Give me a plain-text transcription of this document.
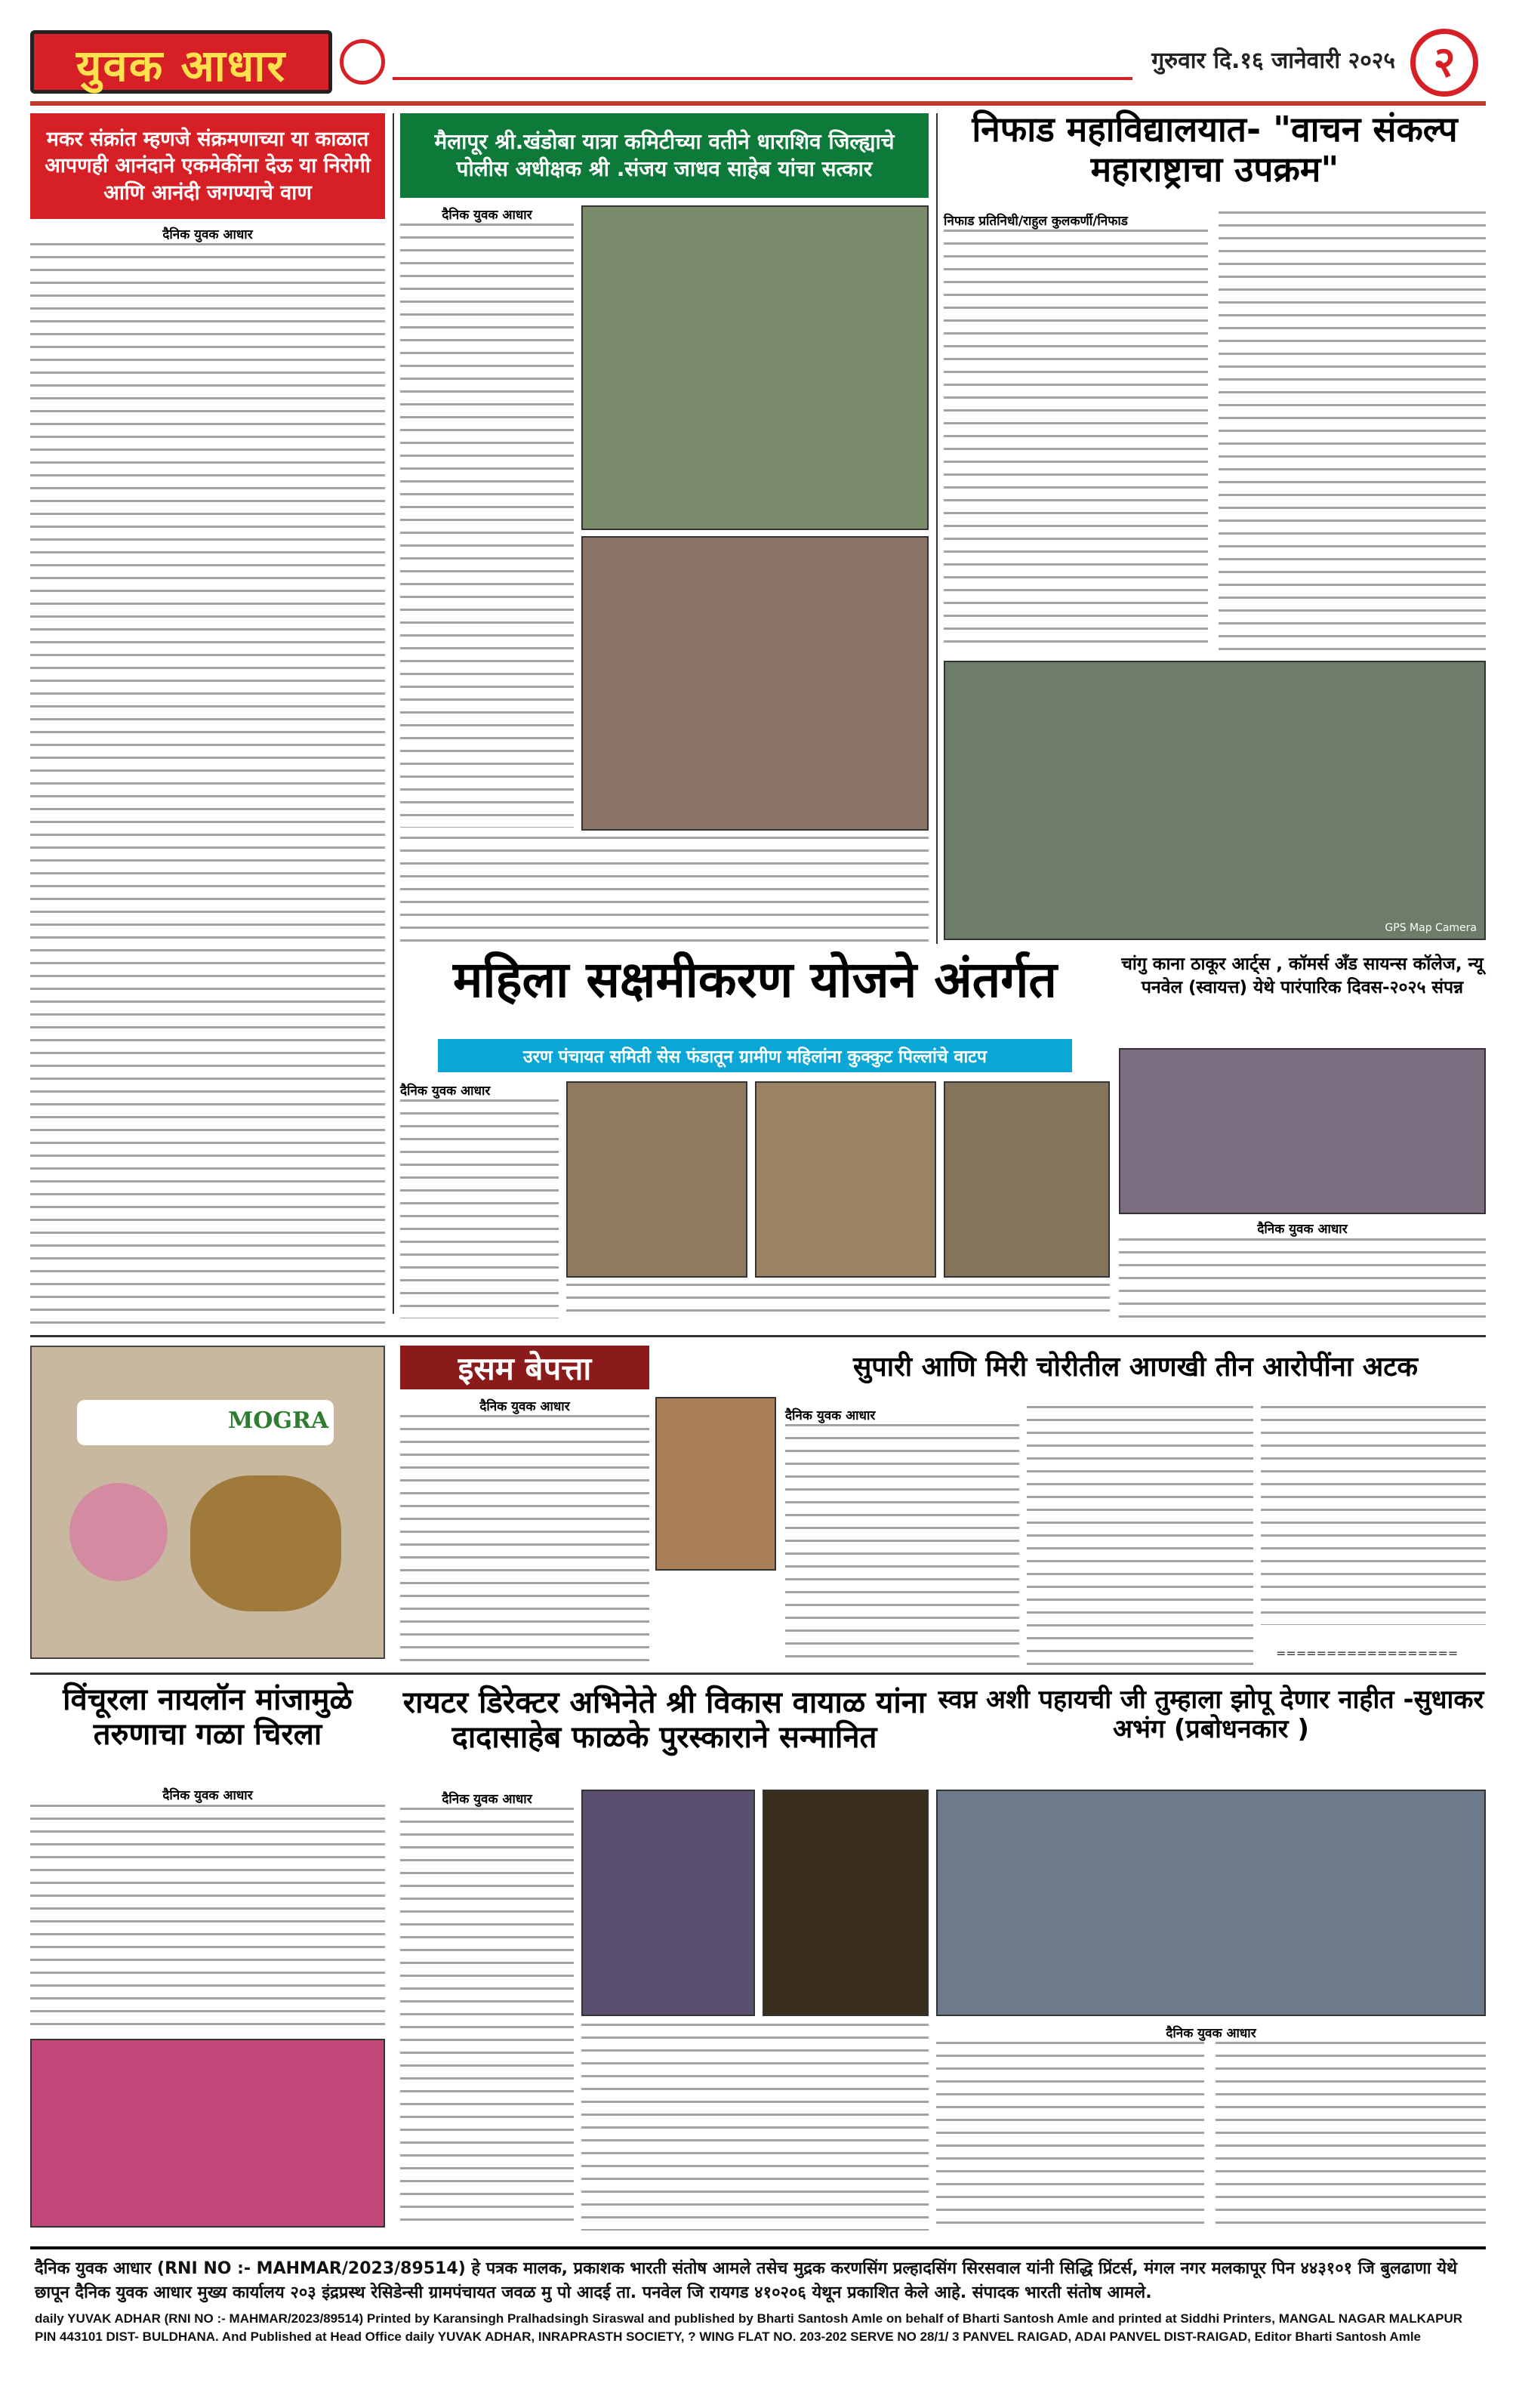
युवक आधार	गुरुवार दि.१६ जानेवारी २०२५ २
मकर संक्रांत म्हणजे संक्रमणाच्या या काळात आपणही आनंदाने एकमेकींना देऊ या निरोगी आणि आनंदी जगण्याचे वाण
दैनिक युवक आधार
मैलापूर श्री.खंडोबा यात्रा कमिटीच्या वतीने धाराशिव जिल्ह्याचे पोलीस अधीक्षक श्री .संजय जाधव साहेब यांचा सत्कार
दैनिक युवक आधार
निफाड महाविद्यालयात- "वाचन संकल्प महाराष्ट्राचा उपक्रम"
निफाड प्रतिनिधी/राहुल कुलकर्णी/निफाड
GPS Map Camera
महिला सक्षमीकरण योजने अंतर्गत
उरण पंचायत समिती सेस फंडातून ग्रामीण महिलांना कुक्कुट पिल्लांचे वाटप
दैनिक युवक आधार
चांगु काना ठाकूर आर्ट्स , कॉमर्स अँड सायन्स कॉलेज, न्यू पनवेल (स्वायत्त) येथे पारंपारिक दिवस-२०२५ संपन्न
दैनिक युवक आधार
MOGRA
इसम बेपत्ता
दैनिक युवक आधार
सुपारी आणि मिरी चोरीतील आणखी तीन आरोपींना अटक
दैनिक युवक आधार
==================
विंचूरला नायलॉन मांजामुळे तरुणाचा गळा चिरला
दैनिक युवक आधार
रायटर डिरेक्टर अभिनेते श्री विकास वायाळ यांना दादासाहेब फाळके पुरस्काराने सन्मानित
दैनिक युवक आधार
स्वप्न अशी पहायची जी तुम्हाला झोपू देणार नाहीत -सुधाकर अभंग (प्रबोधनकार )
दैनिक युवक आधार
दैनिक युवक आधार (RNI NO :- MAHMAR/2023/89514) हे पत्रक मालक, प्रकाशक भारती संतोष आमले तसेच मुद्रक करणसिंग प्रल्हादसिंग सिरसवाल यांनी सिद्धि प्रिंटर्स, मंगल नगर मलकापूर पिन ४४३१०१ जि बुलढाणा येथे छापून दैनिक युवक आधार मुख्य कार्यालय २०३ इंद्रप्रस्थ रेसिडेन्सी ग्रामपंचायत जवळ मु पो आदई ता. पनवेल जि रायगड ४१०२०६ येथून प्रकाशित केले आहे. संपादक भारती संतोष आमले.
daily YUVAK ADHAR (RNI NO :- MAHMAR/2023/89514) Printed by Karansingh Pralhadsingh Siraswal and published by Bharti Santosh Amle on behalf of Bharti Santosh Amle and printed at Siddhi Printers, MANGAL NAGAR MALKAPUR PIN 443101 DIST- BULDHANA. And Published at Head Office daily YUVAK ADHAR, INRAPRASTH SOCIETY, ? WING FLAT NO. 203-202 SERVE NO 28/1/ 3 PANVEL RAIGAD, ADAI PANVEL DIST-RAIGAD, Editor Bharti Santosh Amle
